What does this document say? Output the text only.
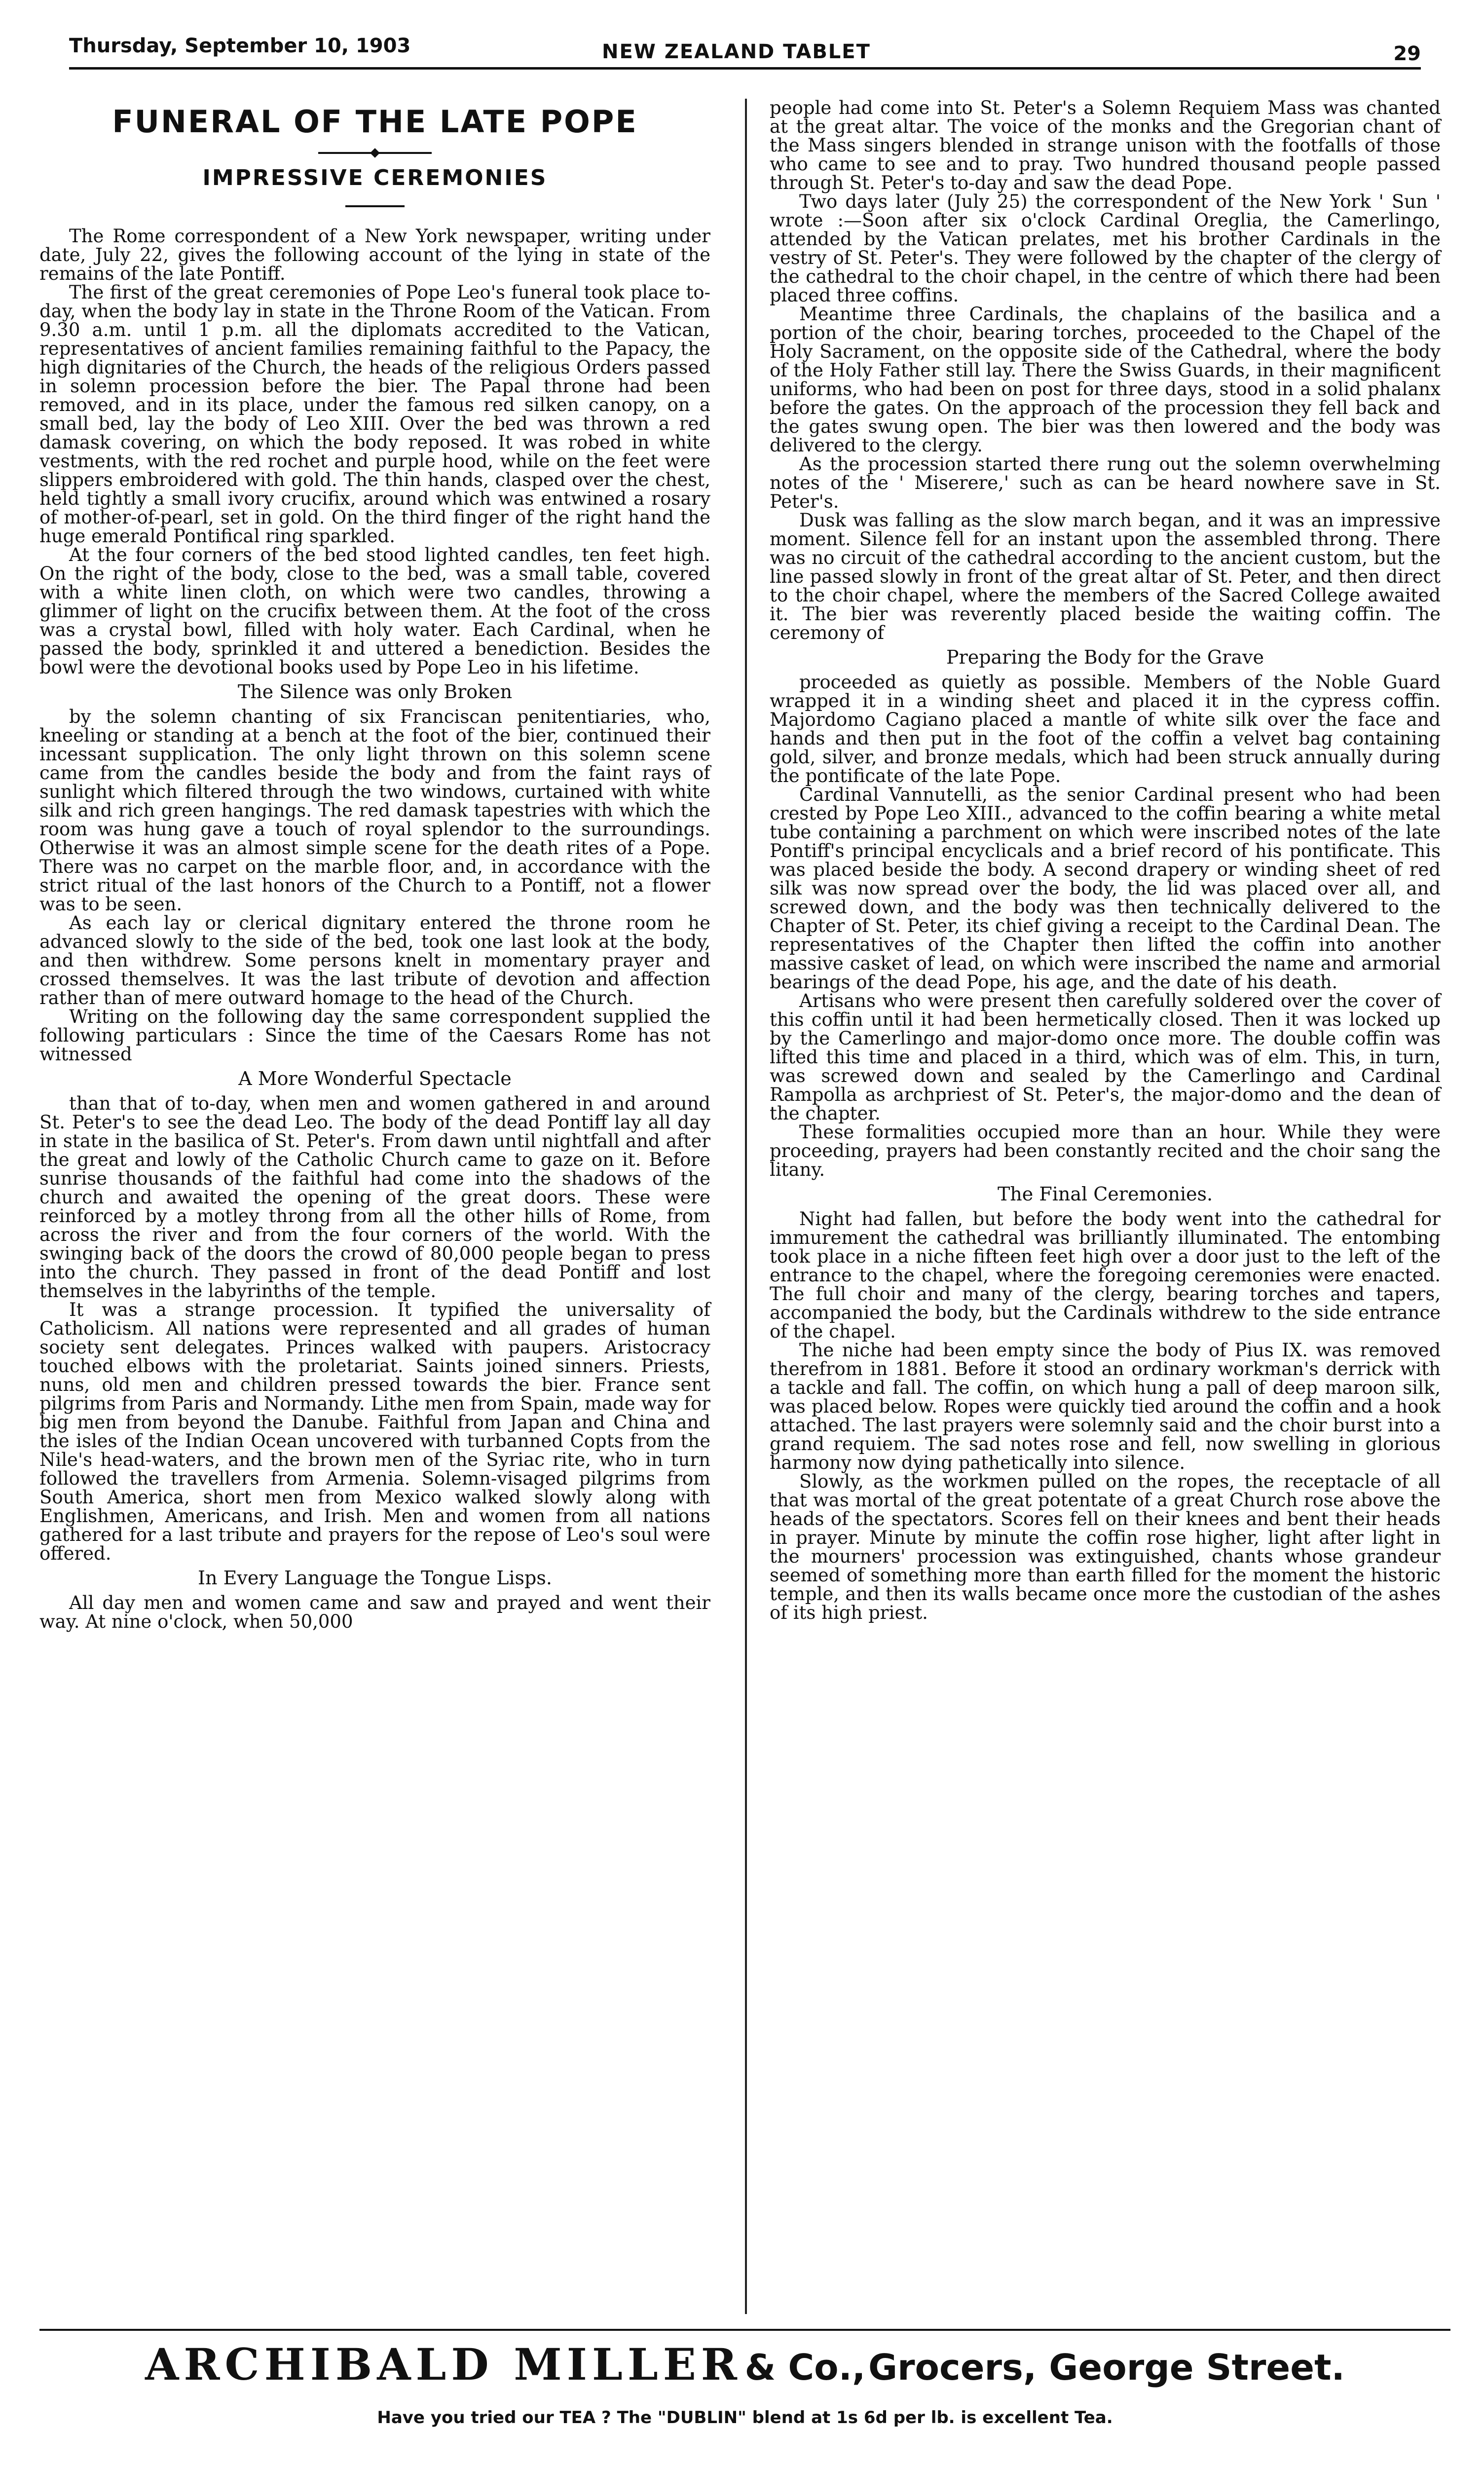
Thursday, September 10, 1903	NEW ZEALAND TABLET	29
FUNERAL OF THE LATE POPE
IMPRESSIVE CEREMONIES

The Rome correspondent of a New York newspaper, writing under date, July 22, gives the following account of the lying in state of the remains of the late Pontiff.

The first of the great ceremonies of Pope Leo's funeral took place to-day, when the body lay in state in the Throne Room of the Vatican. From 9.30 a.m. until 1 p.m. all the diplomats accredited to the Vatican, representatives of ancient families remaining faithful to the Papacy, the high dignitaries of the Church, the heads of the religious Orders passed in solemn procession before the bier. The Papal throne had been removed, and in its place, under the famous red silken canopy, on a small bed, lay the body of Leo XIII. Over the bed was thrown a red damask covering, on which the body reposed. It was robed in white vestments, with the red rochet and purple hood, while on the feet were slippers embroidered with gold. The thin hands, clasped over the chest, held tightly a small ivory crucifix, around which was entwined a rosary of mother-of-pearl, set in gold. On the third finger of the right hand the huge emerald Pontifical ring sparkled.

At the four corners of the bed stood lighted candles, ten feet high. On the right of the body, close to the bed, was a small table, covered with a white linen cloth, on which were two candles, throwing a glimmer of light on the crucifix between them. At the foot of the cross was a crystal bowl, filled with holy water. Each Cardinal, when he passed the body, sprinkled it and uttered a benediction. Besides the bowl were the devotional books used by Pope Leo in his lifetime.

The Silence was only Broken

by the solemn chanting of six Franciscan penitentiaries, who, kneeling or standing at a bench at the foot of the bier, continued their incessant supplication. The only light thrown on this solemn scene came from the candles beside the body and from the faint rays of sunlight which filtered through the two windows, curtained with white silk and rich green hangings. The red damask tapestries with which the room was hung gave a touch of royal splendor to the surroundings. Otherwise it was an almost simple scene for the death rites of a Pope. There was no carpet on the marble floor, and, in accordance with the strict ritual of the last honors of the Church to a Pontiff, not a flower was to be seen.

As each lay or clerical dignitary entered the throne room he advanced slowly to the side of the bed, took one last look at the body, and then withdrew. Some persons knelt in momentary prayer and crossed themselves. It was the last tribute of devotion and affection rather than of mere outward homage to the head of the Church.

Writing on the following day the same correspondent supplied the following particulars : Since the time of the Caesars Rome has not witnessed

A More Wonderful Spectacle

than that of to-day, when men and women gathered in and around St. Peter's to see the dead Leo. The body of the dead Pontiff lay all day in state in the basilica of St. Peter's. From dawn until nightfall and after the great and lowly of the Catholic Church came to gaze on it. Before sunrise thousands of the faithful had come into the shadows of the church and awaited the opening of the great doors. These were reinforced by a motley throng from all the other hills of Rome, from across the river and from the four corners of the world. With the swinging back of the doors the crowd of 80,000 people began to press into the church. They passed in front of the dead Pontiff and lost themselves in the labyrinths of the temple.

It was a strange procession. It typified the universality of Catholicism. All nations were represented and all grades of human society sent delegates. Princes walked with paupers. Aristocracy touched elbows with the proletariat. Saints joined sinners. Priests, nuns, old men and children pressed towards the bier. France sent pilgrims from Paris and Normandy. Lithe men from Spain, made way for big men from beyond the Danube. Faithful from Japan and China and the isles of the Indian Ocean uncovered with turbanned Copts from the Nile's head-waters, and the brown men of the Syriac rite, who in turn followed the travellers from Armenia. Solemn-visaged pilgrims from South America, short men from Mexico walked slowly along with Englishmen, Americans, and Irish. Men and women from all nations gathered for a last tribute and prayers for the repose of Leo's soul were offered.

In Every Language the Tongue Lisps.

All day men and women came and saw and prayed and went their way. At nine o'clock, when 50,000

people had come into St. Peter's a Solemn Requiem Mass was chanted at the great altar. The voice of the monks and the Gregorian chant of the Mass singers blended in strange unison with the footfalls of those who came to see and to pray. Two hundred thousand people passed through St. Peter's to-day and saw the dead Pope.

Two days later (July 25) the correspondent of the New York ' Sun ' wrote :—Soon after six o'clock Cardinal Oreglia, the Camerlingo, attended by the Vatican prelates, met his brother Cardinals in the vestry of St. Peter's. They were followed by the chapter of the clergy of the cathedral to the choir chapel, in the centre of which there had been placed three coffins.

Meantime three Cardinals, the chaplains of the basilica and a portion of the choir, bearing torches, proceeded to the Chapel of the Holy Sacrament, on the opposite side of the Cathedral, where the body of the Holy Father still lay. There the Swiss Guards, in their magnificent uniforms, who had been on post for three days, stood in a solid phalanx before the gates. On the approach of the procession they fell back and the gates swung open. The bier was then lowered and the body was delivered to the clergy.

As the procession started there rung out the solemn overwhelming notes of the ' Miserere,' such as can be heard nowhere save in St. Peter's.

Dusk was falling as the slow march began, and it was an impressive moment. Silence fell for an instant upon the assembled throng. There was no circuit of the cathedral according to the ancient custom, but the line passed slowly in front of the great altar of St. Peter, and then direct to the choir chapel, where the members of the Sacred College awaited it. The bier was reverently placed beside the waiting coffin. The ceremony of

Preparing the Body for the Grave

proceeded as quietly as possible. Members of the Noble Guard wrapped it in a winding sheet and placed it in the cypress coffin. Majordomo Cagiano placed a mantle of white silk over the face and hands and then put in the foot of the coffin a velvet bag containing gold, silver, and bronze medals, which had been struck annually during the pontificate of the late Pope.

Cardinal Vannutelli, as the senior Cardinal present who had been crested by Pope Leo XIII., advanced to the coffin bearing a white metal tube containing a parchment on which were inscribed notes of the late Pontiff's principal encyclicals and a brief record of his pontificate. This was placed beside the body. A second drapery or winding sheet of red silk was now spread over the body, the lid was placed over all, and screwed down, and the body was then technically delivered to the Chapter of St. Peter, its chief giving a receipt to the Cardinal Dean. The representatives of the Chapter then lifted the coffin into another massive casket of lead, on which were inscribed the name and armorial bearings of the dead Pope, his age, and the date of his death.

Artisans who were present then carefully soldered over the cover of this coffin until it had been hermetically closed. Then it was locked up by the Camerlingo and major-domo once more. The double coffin was lifted this time and placed in a third, which was of elm. This, in turn, was screwed down and sealed by the Camerlingo and Cardinal Rampolla as archpriest of St. Peter's, the major-domo and the dean of the chapter.

These formalities occupied more than an hour. While they were proceeding, prayers had been constantly recited and the choir sang the litany.

The Final Ceremonies.

Night had fallen, but before the body went into the cathedral for immurement the cathedral was brilliantly illuminated. The entombing took place in a niche fifteen feet high over a door just to the left of the entrance to the chapel, where the foregoing ceremonies were enacted. The full choir and many of the clergy, bearing torches and tapers, accompanied the body, but the Cardinals withdrew to the side entrance of the chapel.

The niche had been empty since the body of Pius IX. was removed therefrom in 1881. Before it stood an ordinary workman's derrick with a tackle and fall. The coffin, on which hung a pall of deep maroon silk, was placed below. Ropes were quickly tied around the coffin and a hook attached. The last prayers were solemnly said and the choir burst into a grand requiem. The sad notes rose and fell, now swelling in glorious harmony now dying pathetically into silence.

Slowly, as the workmen pulled on the ropes, the receptacle of all that was mortal of the great potentate of a great Church rose above the heads of the spectators. Scores fell on their knees and bent their heads in prayer. Minute by minute the coffin rose higher, light after light in the mourners' procession was extinguished, chants whose grandeur seemed of something more than earth filled for the moment the historic temple, and then its walls became once more the custodian of the ashes of its high priest.

ARCHIBALD MILLER & Co., Grocers, George Street.
Have you tried our TEA ? The "DUBLIN" blend at 1s 6d per lb. is excellent Tea.
